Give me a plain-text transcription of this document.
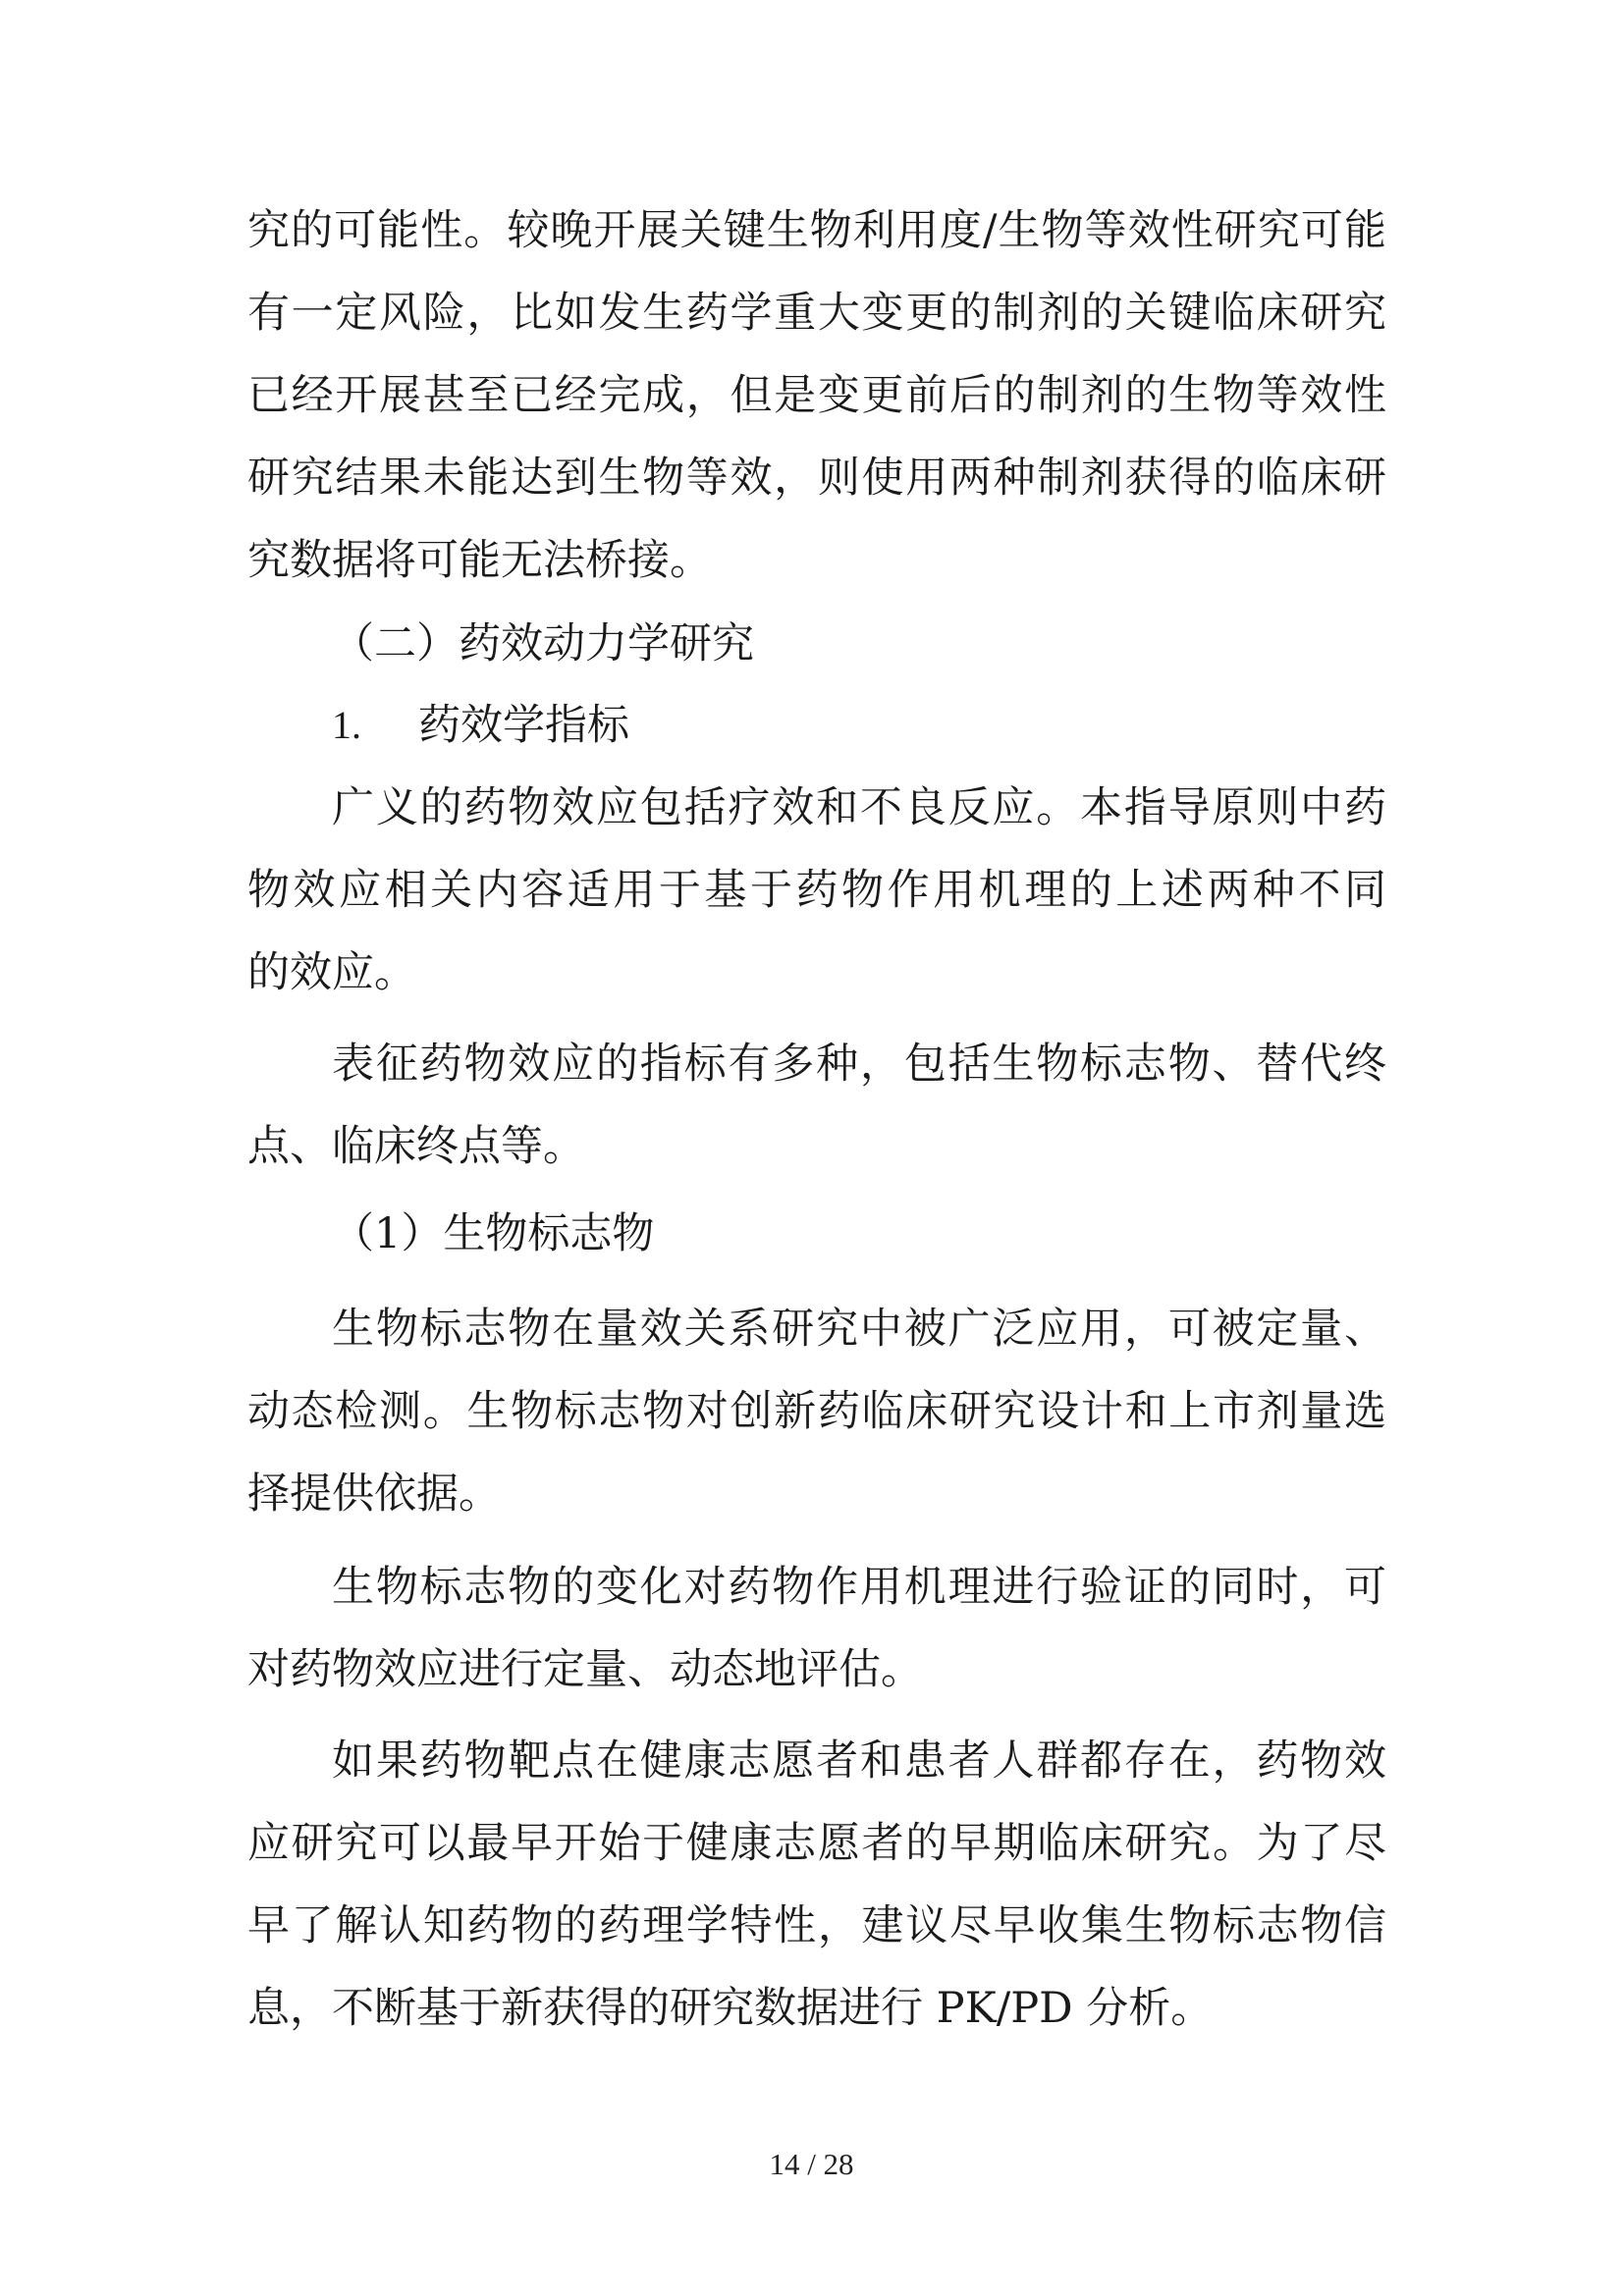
究的可能性。较晚开展关键生物利用度/生物等效性研究可能
有一定风险，比如发生药学重大变更的制剂的关键临床研究
已经开展甚至已经完成，但是变更前后的制剂的生物等效性
研究结果未能达到生物等效，则使用两种制剂获得的临床研
究数据将可能无法桥接。
（二）药效动力学研究
1. 药效学指标
广义的药物效应包括疗效和不良反应。本指导原则中药
物效应相关内容适用于基于药物作用机理的上述两种不同
的效应。
表征药物效应的指标有多种，包括生物标志物、替代终
点、临床终点等。
（1）生物标志物
生物标志物在量效关系研究中被广泛应用，可被定量、
动态检测。生物标志物对创新药临床研究设计和上市剂量选
择提供依据。
生物标志物的变化对药物作用机理进行验证的同时，可
对药物效应进行定量、动态地评估。
如果药物靶点在健康志愿者和患者人群都存在，药物效
应研究可以最早开始于健康志愿者的早期临床研究。为了尽
早了解认知药物的药理学特性，建议尽早收集生物标志物信
息，不断基于新获得的研究数据进行 PK/PD 分析。
14 / 28
